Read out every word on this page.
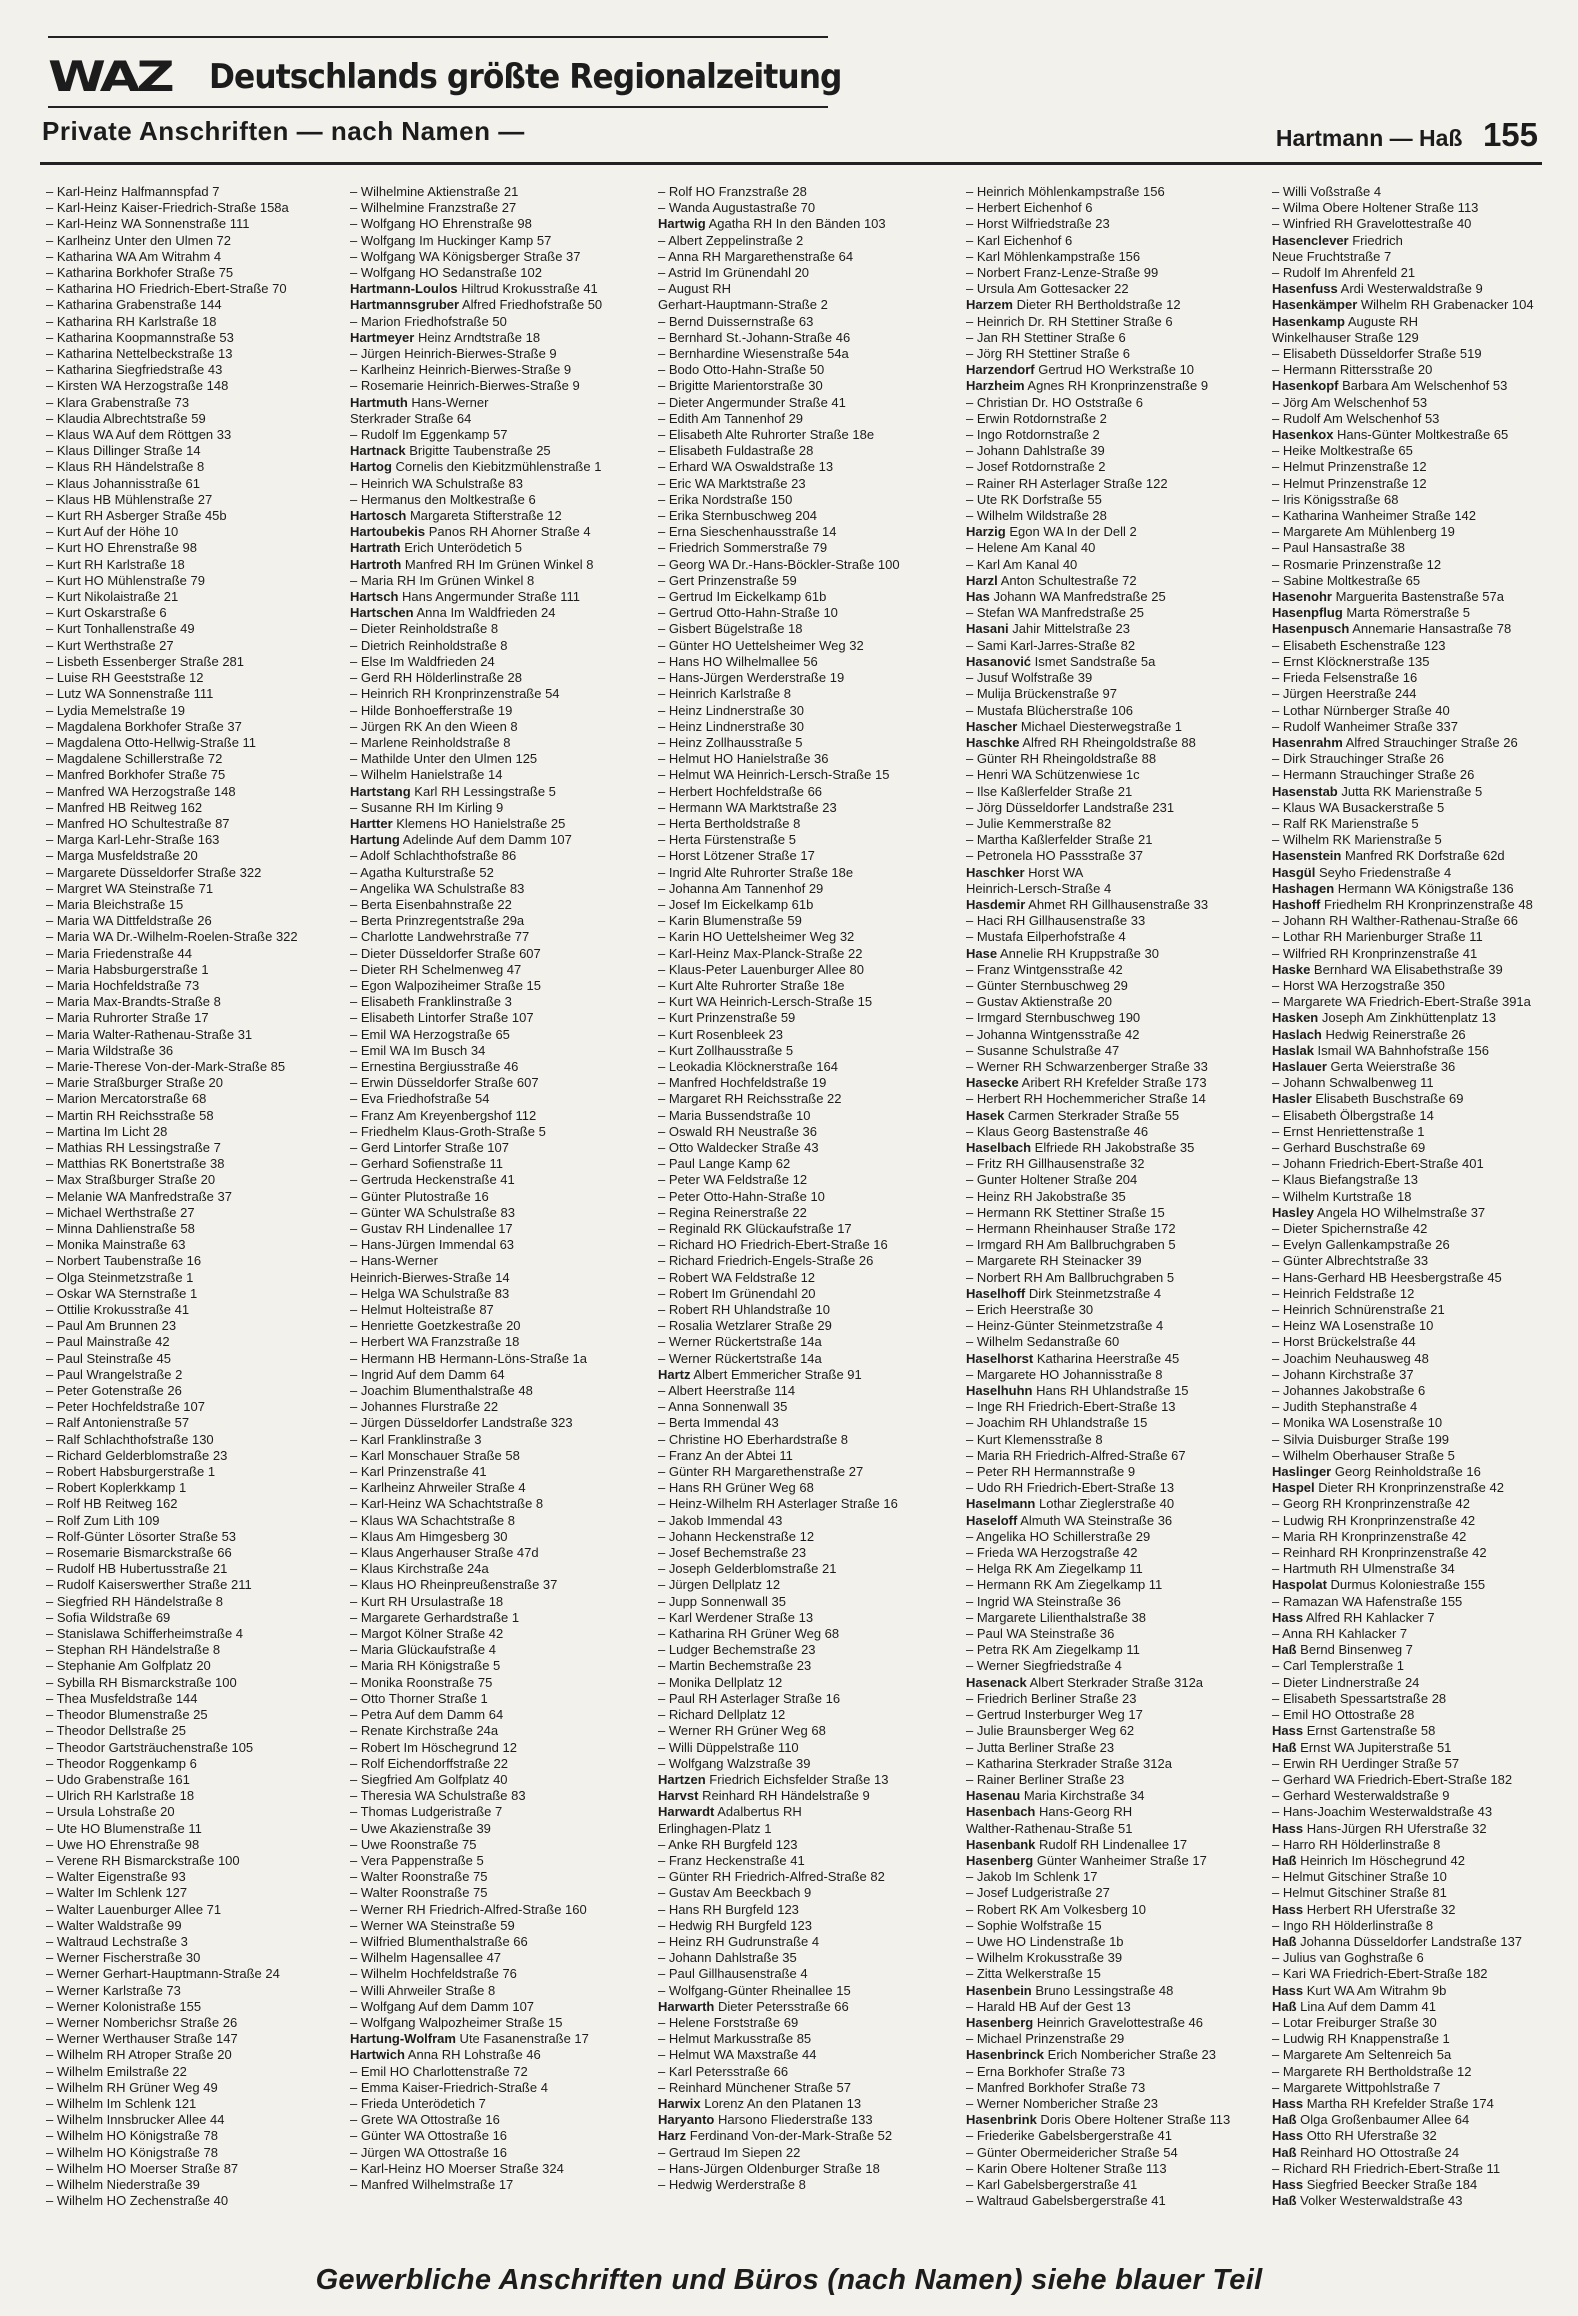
WAZ Deutschlands größte Regionalzeitung
Private Anschriften — nach Namen —	Hartmann — Haß 155
– Karl-Heinz Halfmannspfad 7
– Karl-Heinz Kaiser-Friedrich-Straße 158a
– Karl-Heinz WA Sonnenstraße 111
– Karlheinz Unter den Ulmen 72
– Katharina WA Am Witrahm 4
– Katharina Borkhofer Straße 75
– Katharina HO Friedrich-Ebert-Straße 70
– Katharina Grabenstraße 144
– Katharina RH Karlstraße 18
– Katharina Koopmannstraße 53
– Katharina Nettelbeckstraße 13
– Katharina Siegfriedstraße 43
– Kirsten WA Herzogstraße 148
– Klara Grabenstraße 73
– Klaudia Albrechtstraße 59
– Klaus WA Auf dem Röttgen 33
– Klaus Dillinger Straße 14
– Klaus RH Händelstraße 8
– Klaus Johannisstraße 61
– Klaus HB Mühlenstraße 27
– Kurt RH Asberger Straße 45b
– Kurt Auf der Höhe 10
– Kurt HO Ehrenstraße 98
– Kurt RH Karlstraße 18
– Kurt HO Mühlenstraße 79
– Kurt Nikolaistraße 21
– Kurt Oskarstraße 6
– Kurt Tonhallenstraße 49
– Kurt Werthstraße 27
– Lisbeth Essenberger Straße 281
– Luise RH Geeststraße 12
– Lutz WA Sonnenstraße 111
– Lydia Memelstraße 19
– Magdalena Borkhofer Straße 37
– Magdalena Otto-Hellwig-Straße 11
– Magdalene Schillerstraße 72
– Manfred Borkhofer Straße 75
– Manfred WA Herzogstraße 148
– Manfred HB Reitweg 162
– Manfred HO Schultestraße 87
– Marga Karl-Lehr-Straße 163
– Marga Musfeldstraße 20
– Margarete Düsseldorfer Straße 322
– Margret WA Steinstraße 71
– Maria Bleichstraße 15
– Maria WA Dittfeldstraße 26
– Maria WA Dr.-Wilhelm-Roelen-Straße 322
– Maria Friedenstraße 44
– Maria Habsburgerstraße 1
– Maria Hochfeldstraße 73
– Maria Max-Brandts-Straße 8
– Maria Ruhrorter Straße 17
– Maria Walter-Rathenau-Straße 31
– Maria Wildstraße 36
– Marie-Therese Von-der-Mark-Straße 85
– Marie Straßburger Straße 20
– Marion Mercatorstraße 68
– Martin RH Reichsstraße 58
– Martina Im Licht 28
– Mathias RH Lessingstraße 7
– Matthias RK Bonertstraße 38
– Max Straßburger Straße 20
– Melanie WA Manfredstraße 37
– Michael Werthstraße 27
– Minna Dahlienstraße 58
– Monika Mainstraße 63
– Norbert Taubenstraße 16
– Olga Steinmetzstraße 1
– Oskar WA Sternstraße 1
– Ottilie Krokusstraße 41
– Paul Am Brunnen 23
– Paul Mainstraße 42
– Paul Steinstraße 45
– Paul Wrangelstraße 2
– Peter Gotenstraße 26
– Peter Hochfeldstraße 107
– Ralf Antonienstraße 57
– Ralf Schlachthofstraße 130
– Richard Gelderblomstraße 23
– Robert Habsburgerstraße 1
– Robert Koplerkkamp 1
– Rolf HB Reitweg 162
– Rolf Zum Lith 109
– Rolf-Günter Lösorter Straße 53
– Rosemarie Bismarckstraße 66
– Rudolf HB Hubertusstraße 21
– Rudolf Kaiserswerther Straße 211
– Siegfried RH Händelstraße 8
– Sofia Wildstraße 69
– Stanislawa Schifferheimstraße 4
– Stephan RH Händelstraße 8
– Stephanie Am Golfplatz 20
– Sybilla RH Bismarckstraße 100
– Thea Musfeldstraße 144
– Theodor Blumenstraße 25
– Theodor Dellstraße 25
– Theodor Gartsträuchenstraße 105
– Theodor Roggenkamp 6
– Udo Grabenstraße 161
– Ulrich RH Karlstraße 18
– Ursula Lohstraße 20
– Ute HO Blumenstraße 11
– Uwe HO Ehrenstraße 98
– Verene RH Bismarckstraße 100
– Walter Eigenstraße 93
– Walter Im Schlenk 127
– Walter Lauenburger Allee 71
– Walter Waldstraße 99
– Waltraud Lechstraße 3
– Werner Fischerstraße 30
– Werner Gerhart-Hauptmann-Straße 24
– Werner Karlstraße 73
– Werner Kolonistraße 155
– Werner Nomberichsr Straße 26
– Werner Werthauser Straße 147
– Wilhelm RH Atroper Straße 20
– Wilhelm Emilstraße 22
– Wilhelm RH Grüner Weg 49
– Wilhelm Im Schlenk 121
– Wilhelm Innsbrucker Allee 44
– Wilhelm HO Königstraße 78
– Wilhelm HO Königstraße 78
– Wilhelm HO Moerser Straße 87
– Wilhelm Niederstraße 39
– Wilhelm HO Zechenstraße 40
– Wilhelmine Aktienstraße 21
– Wilhelmine Franzstraße 27
– Wolfgang HO Ehrenstraße 98
– Wolfgang Im Huckinger Kamp 57
– Wolfgang WA Königsberger Straße 37
– Wolfgang HO Sedanstraße 102
Hartmann-Loulos Hiltrud Krokusstraße 41
Hartmannsgruber Alfred Friedhofstraße 50
– Marion Friedhofstraße 50
Hartmeyer Heinz Arndtstraße 18
– Jürgen Heinrich-Bierwes-Straße 9
– Karlheinz Heinrich-Bierwes-Straße 9
– Rosemarie Heinrich-Bierwes-Straße 9
Hartmuth Hans-Werner
Sterkrader Straße 64
– Rudolf Im Eggenkamp 57
Hartnack Brigitte Taubenstraße 25
Hartog Cornelis den Kiebitzmühlenstraße 1
– Heinrich WA Schulstraße 83
– Hermanus den Moltkestraße 6
Hartosch Margareta Stifterstraße 12
Hartoubekis Panos RH Ahorner Straße 4
Hartrath Erich Unterödetich 5
Hartroth Manfred RH Im Grünen Winkel 8
– Maria RH Im Grünen Winkel 8
Hartsch Hans Angermunder Straße 111
Hartschen Anna Im Waldfrieden 24
– Dieter Reinholdstraße 8
– Dietrich Reinholdstraße 8
– Else Im Waldfrieden 24
– Gerd RH Hölderlinstraße 28
– Heinrich RH Kronprinzenstraße 54
– Hilde Bonhoefferstraße 19
– Jürgen RK An den Wieen 8
– Marlene Reinholdstraße 8
– Mathilde Unter den Ulmen 125
– Wilhelm Hanielstraße 14
Hartstang Karl RH Lessingstraße 5
– Susanne RH Im Kirling 9
Hartter Klemens HO Hanielstraße 25
Hartung Adelinde Auf dem Damm 107
– Adolf Schlachthofstraße 86
– Agatha Kulturstraße 52
– Angelika WA Schulstraße 83
– Berta Eisenbahnstraße 22
– Berta Prinzregentstraße 29a
– Charlotte Landwehrstraße 77
– Dieter Düsseldorfer Straße 607
– Dieter RH Schelmenweg 47
– Egon Walpoziheimer Straße 15
– Elisabeth Franklinstraße 3
– Elisabeth Lintorfer Straße 107
– Emil WA Herzogstraße 65
– Emil WA Im Busch 34
– Ernestina Bergiusstraße 46
– Erwin Düsseldorfer Straße 607
– Eva Friedhofstraße 54
– Franz Am Kreyenbergshof 112
– Friedhelm Klaus-Groth-Straße 5
– Gerd Lintorfer Straße 107
– Gerhard Sofienstraße 11
– Gertruda Heckenstraße 41
– Günter Plutostraße 16
– Günter WA Schulstraße 83
– Gustav RH Lindenallee 17
– Hans-Jürgen Immendal 63
– Hans-Werner
Heinrich-Bierwes-Straße 14
– Helga WA Schulstraße 83
– Helmut Holteistraße 87
– Henriette Goetzkestraße 20
– Herbert WA Franzstraße 18
– Hermann HB Hermann-Löns-Straße 1a
– Ingrid Auf dem Damm 64
– Joachim Blumenthalstraße 48
– Johannes Flurstraße 22
– Jürgen Düsseldorfer Landstraße 323
– Karl Franklinstraße 3
– Karl Monschauer Straße 58
– Karl Prinzenstraße 41
– Karlheinz Ahrweiler Straße 4
– Karl-Heinz WA Schachtstraße 8
– Klaus WA Schachtstraße 8
– Klaus Am Himgesberg 30
– Klaus Angerhauser Straße 47d
– Klaus Kirchstraße 24a
– Klaus HO Rheinpreußenstraße 37
– Kurt RH Ursulastraße 18
– Margarete Gerhardstraße 1
– Margot Kölner Straße 42
– Maria Glückaufstraße 4
– Maria RH Königstraße 5
– Monika Roonstraße 75
– Otto Thorner Straße 1
– Petra Auf dem Damm 64
– Renate Kirchstraße 24a
– Robert Im Höschegrund 12
– Rolf Eichendorffstraße 22
– Siegfried Am Golfplatz 40
– Theresia WA Schulstraße 83
– Thomas Ludgeristraße 7
– Uwe Akazienstraße 39
– Uwe Roonstraße 75
– Vera Pappenstraße 5
– Walter Roonstraße 75
– Walter Roonstraße 75
– Werner RH Friedrich-Alfred-Straße 160
– Werner WA Steinstraße 59
– Wilfried Blumenthalstraße 66
– Wilhelm Hagensallee 47
– Wilhelm Hochfeldstraße 76
– Willi Ahrweiler Straße 8
– Wolfgang Auf dem Damm 107
– Wolfgang Walpozheimer Straße 15
Hartung-Wolfram Ute Fasanenstraße 17
Hartwich Anna RH Lohstraße 46
– Emil HO Charlottenstraße 72
– Emma Kaiser-Friedrich-Straße 4
– Frieda Unterödetich 7
– Grete WA Ottostraße 16
– Günter WA Ottostraße 16
– Jürgen WA Ottostraße 16
– Karl-Heinz HO Moerser Straße 324
– Manfred Wilhelmstraße 17
– Rolf HO Franzstraße 28
– Wanda Augustastraße 70
Hartwig Agatha RH In den Bänden 103
– Albert Zeppelinstraße 2
– Anna RH Margarethenstraße 64
– Astrid Im Grünendahl 20
– August RH
Gerhart-Hauptmann-Straße 2
– Bernd Duissernstraße 63
– Bernhard St.-Johann-Straße 46
– Bernhardine Wiesenstraße 54a
– Bodo Otto-Hahn-Straße 50
– Brigitte Marientorstraße 30
– Dieter Angermunder Straße 41
– Edith Am Tannenhof 29
– Elisabeth Alte Ruhrorter Straße 18e
– Elisabeth Fuldastraße 28
– Erhard WA Oswaldstraße 13
– Eric WA Marktstraße 23
– Erika Nordstraße 150
– Erika Sternbuschweg 204
– Erna Sieschenhausstraße 14
– Friedrich Sommerstraße 79
– Georg WA Dr.-Hans-Böckler-Straße 100
– Gert Prinzenstraße 59
– Gertrud Im Eickelkamp 61b
– Gertrud Otto-Hahn-Straße 10
– Gisbert Bügelstraße 18
– Günter HO Uettelsheimer Weg 32
– Hans HO Wilhelmallee 56
– Hans-Jürgen Werderstraße 19
– Heinrich Karlstraße 8
– Heinz Lindnerstraße 30
– Heinz Lindnerstraße 30
– Heinz Zollhausstraße 5
– Helmut HO Hanielstraße 36
– Helmut WA Heinrich-Lersch-Straße 15
– Herbert Hochfeldstraße 66
– Hermann WA Marktstraße 23
– Herta Bertholdstraße 8
– Herta Fürstenstraße 5
– Horst Lötzener Straße 17
– Ingrid Alte Ruhrorter Straße 18e
– Johanna Am Tannenhof 29
– Josef Im Eickelkamp 61b
– Karin Blumenstraße 59
– Karin HO Uettelsheimer Weg 32
– Karl-Heinz Max-Planck-Straße 22
– Klaus-Peter Lauenburger Allee 80
– Kurt Alte Ruhrorter Straße 18e
– Kurt WA Heinrich-Lersch-Straße 15
– Kurt Prinzenstraße 59
– Kurt Rosenbleek 23
– Kurt Zollhausstraße 5
– Leokadia Klöcknerstraße 164
– Manfred Hochfeldstraße 19
– Margaret RH Reichsstraße 22
– Maria Bussendstraße 10
– Oswald RH Neustraße 36
– Otto Waldecker Straße 43
– Paul Lange Kamp 62
– Peter WA Feldstraße 12
– Peter Otto-Hahn-Straße 10
– Regina Reinerstraße 22
– Reginald RK Glückaufstraße 17
– Richard HO Friedrich-Ebert-Straße 16
– Richard Friedrich-Engels-Straße 26
– Robert WA Feldstraße 12
– Robert Im Grünendahl 20
– Robert RH Uhlandstraße 10
– Rosalia Wetzlarer Straße 29
– Werner Rückertstraße 14a
– Werner Rückertstraße 14a
Hartz Albert Emmericher Straße 91
– Albert Heerstraße 114
– Anna Sonnenwall 35
– Berta Immendal 43
– Christine HO Eberhardstraße 8
– Franz An der Abtei 11
– Günter RH Margarethenstraße 27
– Hans RH Grüner Weg 68
– Heinz-Wilhelm RH Asterlager Straße 16
– Jakob Immendal 43
– Johann Heckenstraße 12
– Josef Bechemstraße 23
– Joseph Gelderblomstraße 21
– Jürgen Dellplatz 12
– Jupp Sonnenwall 35
– Karl Werdener Straße 13
– Katharina RH Grüner Weg 68
– Ludger Bechemstraße 23
– Martin Bechemstraße 23
– Monika Dellplatz 12
– Paul RH Asterlager Straße 16
– Richard Dellplatz 12
– Werner RH Grüner Weg 68
– Willi Düppelstraße 110
– Wolfgang Walzstraße 39
Hartzen Friedrich Eichsfelder Straße 13
Harvst Reinhard RH Händelstraße 9
Harwardt Adalbertus RH
Erlinghagen-Platz 1
– Anke RH Burgfeld 123
– Franz Heckenstraße 41
– Günter RH Friedrich-Alfred-Straße 82
– Gustav Am Beeckbach 9
– Hans RH Burgfeld 123
– Hedwig RH Burgfeld 123
– Heinz RH Gudrunstraße 4
– Johann Dahlstraße 35
– Paul Gillhausenstraße 4
– Wolfgang-Günter Rheinallee 15
Harwarth Dieter Petersstraße 66
– Helene Forststraße 69
– Helmut Markusstraße 85
– Helmut WA Maxstraße 44
– Karl Petersstraße 66
– Reinhard Münchener Straße 57
Harwix Lorenz An den Platanen 13
Haryanto Harsono Fliederstraße 133
Harz Ferdinand Von-der-Mark-Straße 52
– Gertraud Im Siepen 22
– Hans-Jürgen Oldenburger Straße 18
– Hedwig Werderstraße 8
– Heinrich Möhlenkampstraße 156
– Herbert Eichenhof 6
– Horst Wilfriedstraße 23
– Karl Eichenhof 6
– Karl Möhlenkampstraße 156
– Norbert Franz-Lenze-Straße 99
– Ursula Am Gottesacker 22
Harzem Dieter RH Bertholdstraße 12
– Heinrich Dr. RH Stettiner Straße 6
– Jan RH Stettiner Straße 6
– Jörg RH Stettiner Straße 6
Harzendorf Gertrud HO Werkstraße 10
Harzheim Agnes RH Kronprinzenstraße 9
– Christian Dr. HO Oststraße 6
– Erwin Rotdornstraße 2
– Ingo Rotdornstraße 2
– Johann Dahlstraße 39
– Josef Rotdornstraße 2
– Rainer RH Asterlager Straße 122
– Ute RK Dorfstraße 55
– Wilhelm Wildstraße 28
Harzig Egon WA In der Dell 2
– Helene Am Kanal 40
– Karl Am Kanal 40
Harzl Anton Schultestraße 72
Has Johann WA Manfredstraße 25
– Stefan WA Manfredstraße 25
Hasani Jahir Mittelstraße 23
– Sami Karl-Jarres-Straße 82
Hasanović Ismet Sandstraße 5a
– Jusuf Wolfstraße 39
– Mulija Brückenstraße 97
– Mustafa Blücherstraße 106
Hascher Michael Diesterwegstraße 1
Haschke Alfred RH Rheingoldstraße 88
– Günter RH Rheingoldstraße 88
– Henri WA Schützenwiese 1c
– Ilse Kaßlerfelder Straße 21
– Jörg Düsseldorfer Landstraße 231
– Julie Kemmerstraße 82
– Martha Kaßlerfelder Straße 21
– Petronela HO Passstraße 37
Haschker Horst WA
Heinrich-Lersch-Straße 4
Hasdemir Ahmet RH Gillhausenstraße 33
– Haci RH Gillhausenstraße 33
– Mustafa Eilperhofstraße 4
Hase Annelie RH Kruppstraße 30
– Franz Wintgensstraße 42
– Günter Sternbuschweg 29
– Gustav Aktienstraße 20
– Irmgard Sternbuschweg 190
– Johanna Wintgensstraße 42
– Susanne Schulstraße 47
– Werner RH Schwarzenberger Straße 33
Hasecke Aribert RH Krefelder Straße 173
– Herbert RH Hochemmericher Straße 14
Hasek Carmen Sterkrader Straße 55
– Klaus Georg Bastenstraße 46
Haselbach Elfriede RH Jakobstraße 35
– Fritz RH Gillhausenstraße 32
– Gunter Holtener Straße 204
– Heinz RH Jakobstraße 35
– Hermann RK Stettiner Straße 15
– Hermann Rheinhauser Straße 172
– Irmgard RH Am Ballbruchgraben 5
– Margarete RH Steinacker 39
– Norbert RH Am Ballbruchgraben 5
Haselhoff Dirk Steinmetzstraße 4
– Erich Heerstraße 30
– Heinz-Günter Steinmetzstraße 4
– Wilhelm Sedanstraße 60
Haselhorst Katharina Heerstraße 45
– Margarete HO Johannisstraße 8
Haselhuhn Hans RH Uhlandstraße 15
– Inge RH Friedrich-Ebert-Straße 13
– Joachim RH Uhlandstraße 15
– Kurt Klemensstraße 8
– Maria RH Friedrich-Alfred-Straße 67
– Peter RH Hermannstraße 9
– Udo RH Friedrich-Ebert-Straße 13
Haselmann Lothar Zieglerstraße 40
Haseloff Almuth WA Steinstraße 36
– Angelika HO Schillerstraße 29
– Frieda WA Herzogstraße 42
– Helga RK Am Ziegelkamp 11
– Hermann RK Am Ziegelkamp 11
– Ingrid WA Steinstraße 36
– Margarete Lilienthalstraße 38
– Paul WA Steinstraße 36
– Petra RK Am Ziegelkamp 11
– Werner Siegfriedstraße 4
Hasenack Albert Sterkrader Straße 312a
– Friedrich Berliner Straße 23
– Gertrud Insterburger Weg 17
– Julie Braunsberger Weg 62
– Jutta Berliner Straße 23
– Katharina Sterkrader Straße 312a
– Rainer Berliner Straße 23
Hasenau Maria Kirchstraße 34
Hasenbach Hans-Georg RH
Walther-Rathenau-Straße 51
Hasenbank Rudolf RH Lindenallee 17
Hasenberg Günter Wanheimer Straße 17
– Jakob Im Schlenk 17
– Josef Ludgeristraße 27
– Robert RK Am Volkesberg 10
– Sophie Wolfstraße 15
– Uwe HO Lindenstraße 1b
– Wilhelm Krokusstraße 39
– Zitta Welkerstraße 15
Hasenbein Bruno Lessingstraße 48
– Harald HB Auf der Gest 13
Hasenberg Heinrich Gravelottestraße 46
– Michael Prinzenstraße 29
Hasenbrinck Erich Nombericher Straße 23
– Erna Borkhofer Straße 73
– Manfred Borkhofer Straße 73
– Werner Nombericher Straße 23
Hasenbrink Doris Obere Holtener Straße 113
– Friederike Gabelsbergerstraße 41
– Günter Obermeidericher Straße 54
– Karin Obere Holtener Straße 113
– Karl Gabelsbergerstraße 41
– Waltraud Gabelsbergerstraße 41
– Willi Voßstraße 4
– Wilma Obere Holtener Straße 113
– Winfried RH Gravelottestraße 40
Hasenclever Friedrich
Neue Fruchtstraße 7
– Rudolf Im Ahrenfeld 21
Hasenfuss Ardi Westerwaldstraße 9
Hasenkämper Wilhelm RH Grabenacker 104
Hasenkamp Auguste RH
Winkelhauser Straße 129
– Elisabeth Düsseldorfer Straße 519
– Hermann Rittersstraße 20
Hasenkopf Barbara Am Welschenhof 53
– Jörg Am Welschenhof 53
– Rudolf Am Welschenhof 53
Hasenkox Hans-Günter Moltkestraße 65
– Heike Moltkestraße 65
– Helmut Prinzenstraße 12
– Helmut Prinzenstraße 12
– Iris Königsstraße 68
– Katharina Wanheimer Straße 142
– Margarete Am Mühlenberg 19
– Paul Hansastraße 38
– Rosmarie Prinzenstraße 12
– Sabine Moltkestraße 65
Hasenohr Marguerita Bastenstraße 57a
Hasenpflug Marta Römerstraße 5
Hasenpusch Annemarie Hansastraße 78
– Elisabeth Eschenstraße 123
– Ernst Klöcknerstraße 135
– Frieda Felsenstraße 16
– Jürgen Heerstraße 244
– Lothar Nürnberger Straße 40
– Rudolf Wanheimer Straße 337
Hasenrahm Alfred Strauchinger Straße 26
– Dirk Strauchinger Straße 26
– Hermann Strauchinger Straße 26
Hasenstab Jutta RK Marienstraße 5
– Klaus WA Busackerstraße 5
– Ralf RK Marienstraße 5
– Wilhelm RK Marienstraße 5
Hasenstein Manfred RK Dorfstraße 62d
Hasgül Seyho Friedenstraße 4
Hashagen Hermann WA Königstraße 136
Hashoff Friedhelm RH Kronprinzenstraße 48
– Johann RH Walther-Rathenau-Straße 66
– Lothar RH Marienburger Straße 11
– Wilfried RH Kronprinzenstraße 41
Haske Bernhard WA Elisabethstraße 39
– Horst WA Herzogstraße 350
– Margarete WA Friedrich-Ebert-Straße 391a
Hasken Joseph Am Zinkhüttenplatz 13
Haslach Hedwig Reinerstraße 26
Haslak Ismail WA Bahnhofstraße 156
Haslauer Gerta Weierstraße 36
– Johann Schwalbenweg 11
Hasler Elisabeth Buschstraße 69
– Elisabeth Ölbergstraße 14
– Ernst Henriettenstraße 1
– Gerhard Buschstraße 69
– Johann Friedrich-Ebert-Straße 401
– Klaus Biefangstraße 13
– Wilhelm Kurtstraße 18
Hasley Angela HO Wilhelmstraße 37
– Dieter Spichernstraße 42
– Evelyn Gallenkampstraße 26
– Günter Albrechtstraße 33
– Hans-Gerhard HB Heesbergstraße 45
– Heinrich Feldstraße 12
– Heinrich Schnürenstraße 21
– Heinz WA Losenstraße 10
– Horst Brückelstraße 44
– Joachim Neuhausweg 48
– Johann Kirchstraße 37
– Johannes Jakobstraße 6
– Judith Stephanstraße 4
– Monika WA Losenstraße 10
– Silvia Duisburger Straße 199
– Wilhelm Oberhauser Straße 5
Haslinger Georg Reinholdstraße 16
Haspel Dieter RH Kronprinzenstraße 42
– Georg RH Kronprinzenstraße 42
– Ludwig RH Kronprinzenstraße 42
– Maria RH Kronprinzenstraße 42
– Reinhard RH Kronprinzenstraße 42
– Hartmuth RH Ulmenstraße 34
Haspolat Durmus Koloniestraße 155
– Ramazan WA Hafenstraße 155
Hass Alfred RH Kahlacker 7
– Anna RH Kahlacker 7
Haß Bernd Binsenweg 7
– Carl Templerstraße 1
– Dieter Lindnerstraße 24
– Elisabeth Spessartstraße 28
– Emil HO Ottostraße 28
Hass Ernst Gartenstraße 58
Haß Ernst WA Jupiterstraße 51
– Erwin RH Uerdinger Straße 57
– Gerhard WA Friedrich-Ebert-Straße 182
– Gerhard Westerwaldstraße 9
– Hans-Joachim Westerwaldstraße 43
Hass Hans-Jürgen RH Uferstraße 32
– Harro RH Hölderlinstraße 8
Haß Heinrich Im Höschegrund 42
– Helmut Gitschiner Straße 10
– Helmut Gitschiner Straße 81
Hass Herbert RH Uferstraße 32
– Ingo RH Hölderlinstraße 8
Haß Johanna Düsseldorfer Landstraße 137
– Julius van Goghstraße 6
– Kari WA Friedrich-Ebert-Straße 182
Hass Kurt WA Am Witrahm 9b
Haß Lina Auf dem Damm 41
– Lotar Freiburger Straße 30
– Ludwig RH Knappenstraße 1
– Margarete Am Seltenreich 5a
– Margarete RH Bertholdstraße 12
– Margarete Wittpohlstraße 7
Hass Martha RH Krefelder Straße 174
Haß Olga Großenbaumer Allee 64
Hass Otto RH Uferstraße 32
Haß Reinhard HO Ottostraße 24
– Richard RH Friedrich-Ebert-Straße 11
Hass Siegfried Beecker Straße 184
Haß Volker Westerwaldstraße 43
Gewerbliche Anschriften und Büros (nach Namen) siehe blauer Teil
